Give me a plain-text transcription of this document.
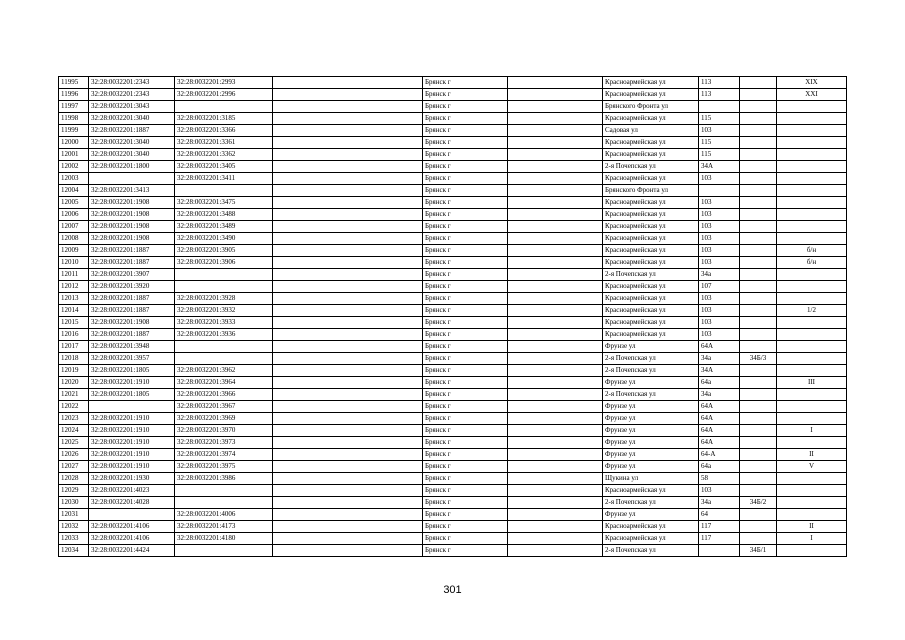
11995	32:28:0032201:2343	32:28:0032201:2993		Брянск г		Красноармейская ул	113		XIX
11996	32:28:0032201:2343	32:28:0032201:2996		Брянск г		Красноармейская ул	113		XXI
11997	32:28:0032201:3043			Брянск г		Брянского Фронта ул			
11998	32:28:0032201:3040	32:28:0032201:3185		Брянск г		Красноармейская ул	115		
11999	32:28:0032201:1887	32:28:0032201:3366		Брянск г		Садовая ул	103		
12000	32:28:0032201:3040	32:28:0032201:3361		Брянск г		Красноармейская ул	115		
12001	32:28:0032201:3040	32:28:0032201:3362		Брянск г		Красноармейская ул	115		
12002	32:28:0032201:1800	32:28:0032201:3405		Брянск г		2-я Почепская ул	34А		
12003		32:28:0032201:3411		Брянск г		Красноармейская ул	103		
12004	32:28:0032201:3413			Брянск г		Брянского Фронта ул			
12005	32:28:0032201:1908	32:28:0032201:3475		Брянск г		Красноармейская ул	103		
12006	32:28:0032201:1908	32:28:0032201:3488		Брянск г		Красноармейская ул	103		
12007	32:28:0032201:1908	32:28:0032201:3489		Брянск г		Красноармейская ул	103		
12008	32:28:0032201:1908	32:28:0032201:3490		Брянск г		Красноармейская ул	103		
12009	32:28:0032201:1887	32:28:0032201:3905		Брянск г		Красноармейская ул	103		б/н
12010	32:28:0032201:1887	32:28:0032201:3906		Брянск г		Красноармейская ул	103		б/н
12011	32:28:0032201:3907			Брянск г		2-я Почепская ул	34а		
12012	32:28:0032201:3920			Брянск г		Красноармейская ул	107		
12013	32:28:0032201:1887	32:28:0032201:3928		Брянск г		Красноармейская ул	103		
12014	32:28:0032201:1887	32:28:0032201:3932		Брянск г		Красноармейская ул	103		1/2
12015	32:28:0032201:1908	32:28:0032201:3933		Брянск г		Красноармейская ул	103		
12016	32:28:0032201:1887	32:28:0032201:3936		Брянск г		Красноармейская ул	103		
12017	32:28:0032201:3948			Брянск г		Фрунзе ул	64А		
12018	32:28:0032201:3957			Брянск г		2-я Почепская ул	34а	34Б/3	
12019	32:28:0032201:1805	32:28:0032201:3962		Брянск г		2-я Почепская ул	34А		
12020	32:28:0032201:1910	32:28:0032201:3964		Брянск г		Фрунзе ул	64а		III
12021	32:28:0032201:1805	32:28:0032201:3966		Брянск г		2-я Почепская ул	34а		
12022		32:28:0032201:3967		Брянск г		Фрунзе ул	64А		
12023	32:28:0032201:1910	32:28:0032201:3969		Брянск г		Фрунзе ул	64А		
12024	32:28:0032201:1910	32:28:0032201:3970		Брянск г		Фрунзе ул	64А		I
12025	32:28:0032201:1910	32:28:0032201:3973		Брянск г		Фрунзе ул	64А		
12026	32:28:0032201:1910	32:28:0032201:3974		Брянск г		Фрунзе ул	64-А		II
12027	32:28:0032201:1910	32:28:0032201:3975		Брянск г		Фрунзе ул	64а		V
12028	32:28:0032201:1930	32:28:0032201:3986		Брянск г		Щукина ул	58		
12029	32:28:0032201:4023			Брянск г		Красноармейская ул	103		
12030	32:28:0032201:4028			Брянск г		2-я Почепская ул	34а	34Б/2	
12031		32:28:0032201:4006		Брянск г		Фрунзе ул	64		
12032	32:28:0032201:4106	32:28:0032201:4173		Брянск г		Красноармейская ул	117		II
12033	32:28:0032201:4106	32:28:0032201:4180		Брянск г		Красноармейская ул	117		I
12034	32:28:0032201:4424			Брянск г		2-я Почепская ул		34Б/1	
301
